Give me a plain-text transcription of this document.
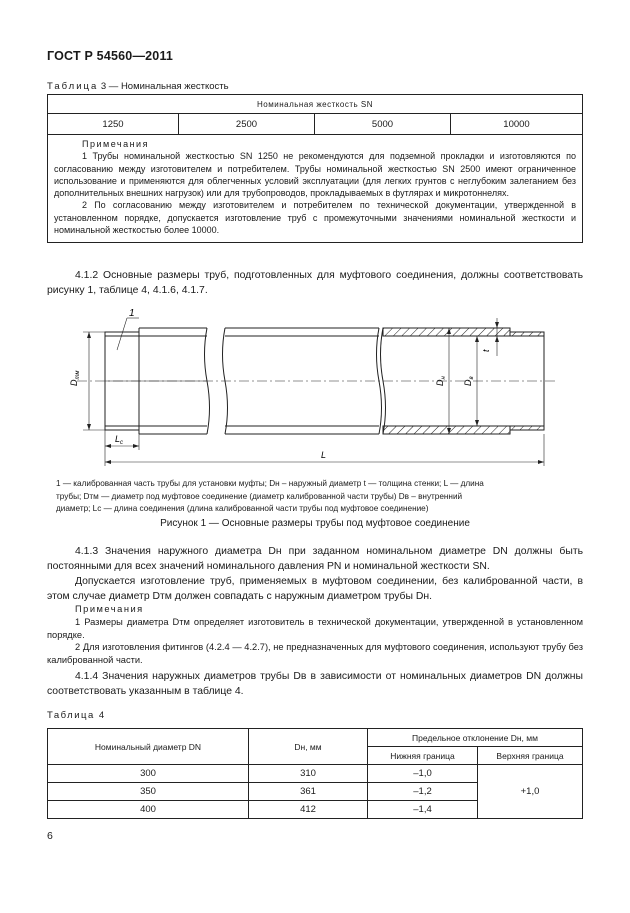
ГОСТ Р 54560—2011
Таблица 3 — Номинальная жесткость
Номинальная жесткость SN
1250	2500	5000	10000

Примечания

1 Трубы номинальной жесткостью SN 1250 не рекомендуются для подземной прокладки и изготовляются по согласованию между изготовителем и потребителем. Трубы номинальной жесткостью SN 2500 имеют ограниченное использование и применяются для облегченных условий эксплуатации (для легких грунтов с неглубоким залеганием без дополнительных внешних нагрузок) или для трубопроводов, прокладываемых в футлярах и микротоннелях.

2 По согласованию между изготовителем и потребителем по технической документации, утвержденной в установленном порядке, допускается изготовление труб с промежуточными значениями номинальной жесткости и номинальной жесткостью более 10000.

4.1.2 Основные размеры труб, подготовленных для муфтового соединения, должны соответствовать рисунку 1, таблице 4, 4.1.6, 4.1.7.

$D_{тм}$
1
$L_с$
L
$D_н$
$D_в$
t

1 — калиброванная часть трубы для установки муфты; Dн – наружный диаметр t — толщина стенки; L — длина

трубы; Dтм — диаметр под муфтовое соединение (диаметр калиброванной части трубы) Dв – внутренний

диаметр; Lс — длина соединения (длина калиброванной части трубы под муфтовое соединение)

Рисунок 1 — Основные размеры трубы под муфтовое соединение

4.1.3 Значения наружного диаметра Dн при заданном номинальном диаметре DN должны быть постоянными для всех значений номинального давления PN и номинальной жесткости SN.

Допускается изготовление труб, применяемых в муфтовом соединении, без калиброванной части, в этом случае диаметр Dтм должен совпадать с наружным диаметром трубы Dн.

Примечания

1 Размеры диаметра Dтм определяет изготовитель в технической документации, утвержденной в установленном порядке.

2 Для изготовления фитингов (4.2.4 — 4.2.7), не предназначенных для муфтового соединения, используют трубу без калиброванной части.

4.1.4 Значения наружных диаметров трубы Dв в зависимости от номинальных диаметров DN должны соответствовать указанным в таблице 4.

Таблица 4
Номинальный диаметр DN	Dн, мм	Предельное отклонение Dн, мм	
		Нижняя граница	Верхняя граница
300	310	–1,0	+1,0
350	361	–1,2	
400	412	–1,4	
6
